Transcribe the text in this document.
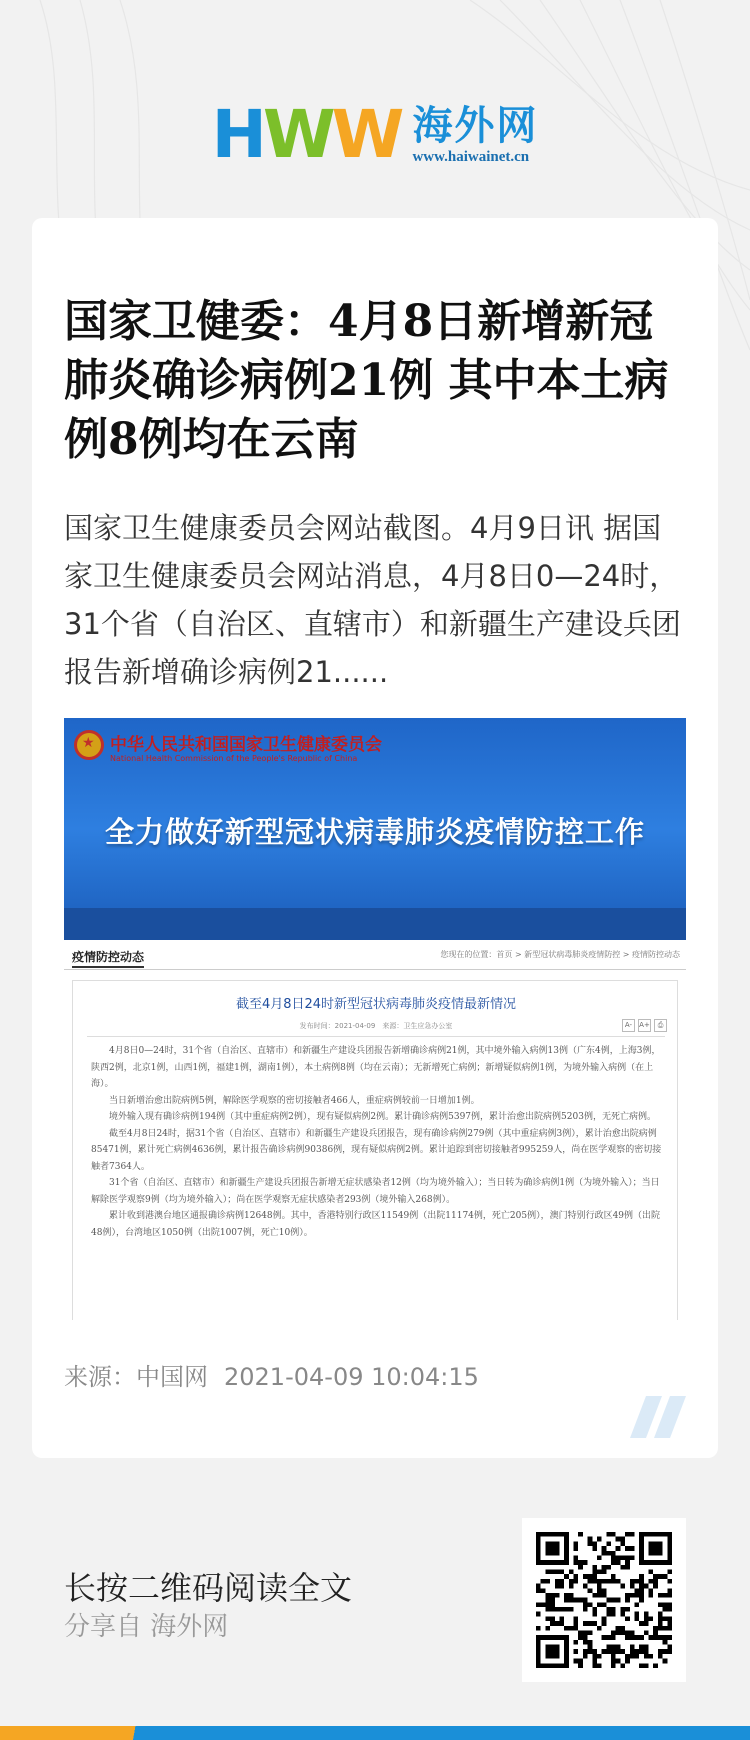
H W W 海外网
www.haiwainet.cn
国家卫健委：4月8日新增新冠肺炎确诊病例21例 其中本土病例8例均在云南

国家卫生健康委员会网站截图。4月9日讯 据国家卫生健康委员会网站消息，4月8日0—24时，31个省（自治区、直辖市）和新疆生产建设兵团报告新增确诊病例21......

★
中华人民共和国国家卫生健康委员会
National Health Commission of the People's Republic of China
全力做好新型冠状病毒肺炎疫情防控工作
疫情防控动态	您现在的位置：首页 > 新型冠状病毒肺炎疫情防控 > 疫情防控动态
截至4月8日24时新型冠状病毒肺炎疫情最新情况
发布时间：2021-04-09　来源：卫生应急办公室	A-	A+	⎙

4月8日0—24时，31个省（自治区、直辖市）和新疆生产建设兵团报告新增确诊病例21例，其中境外输入病例13例（广东4例，上海3例，陕西2例，北京1例，山西1例，福建1例，湖南1例），本土病例8例（均在云南）；无新增死亡病例；新增疑似病例1例，为境外输入病例（在上海）。

当日新增治愈出院病例5例，解除医学观察的密切接触者466人，重症病例较前一日增加1例。

境外输入现有确诊病例194例（其中重症病例2例），现有疑似病例2例。累计确诊病例5397例，累计治愈出院病例5203例，无死亡病例。

截至4月8日24时，据31个省（自治区、直辖市）和新疆生产建设兵团报告，现有确诊病例279例（其中重症病例3例），累计治愈出院病例85471例，累计死亡病例4636例，累计报告确诊病例90386例，现有疑似病例2例。累计追踪到密切接触者995259人，尚在医学观察的密切接触者7364人。

31个省（自治区、直辖市）和新疆生产建设兵团报告新增无症状感染者12例（均为境外输入）；当日转为确诊病例1例（为境外输入）；当日解除医学观察9例（均为境外输入）；尚在医学观察无症状感染者293例（境外输入268例）。

累计收到港澳台地区通报确诊病例12648例。其中，香港特别行政区11549例（出院11174例，死亡205例），澳门特别行政区49例（出院48例），台湾地区1050例（出院1007例，死亡10例）。

来源：中国网 2021-04-09 10:04:15
长按二维码阅读全文
分享自 海外网
